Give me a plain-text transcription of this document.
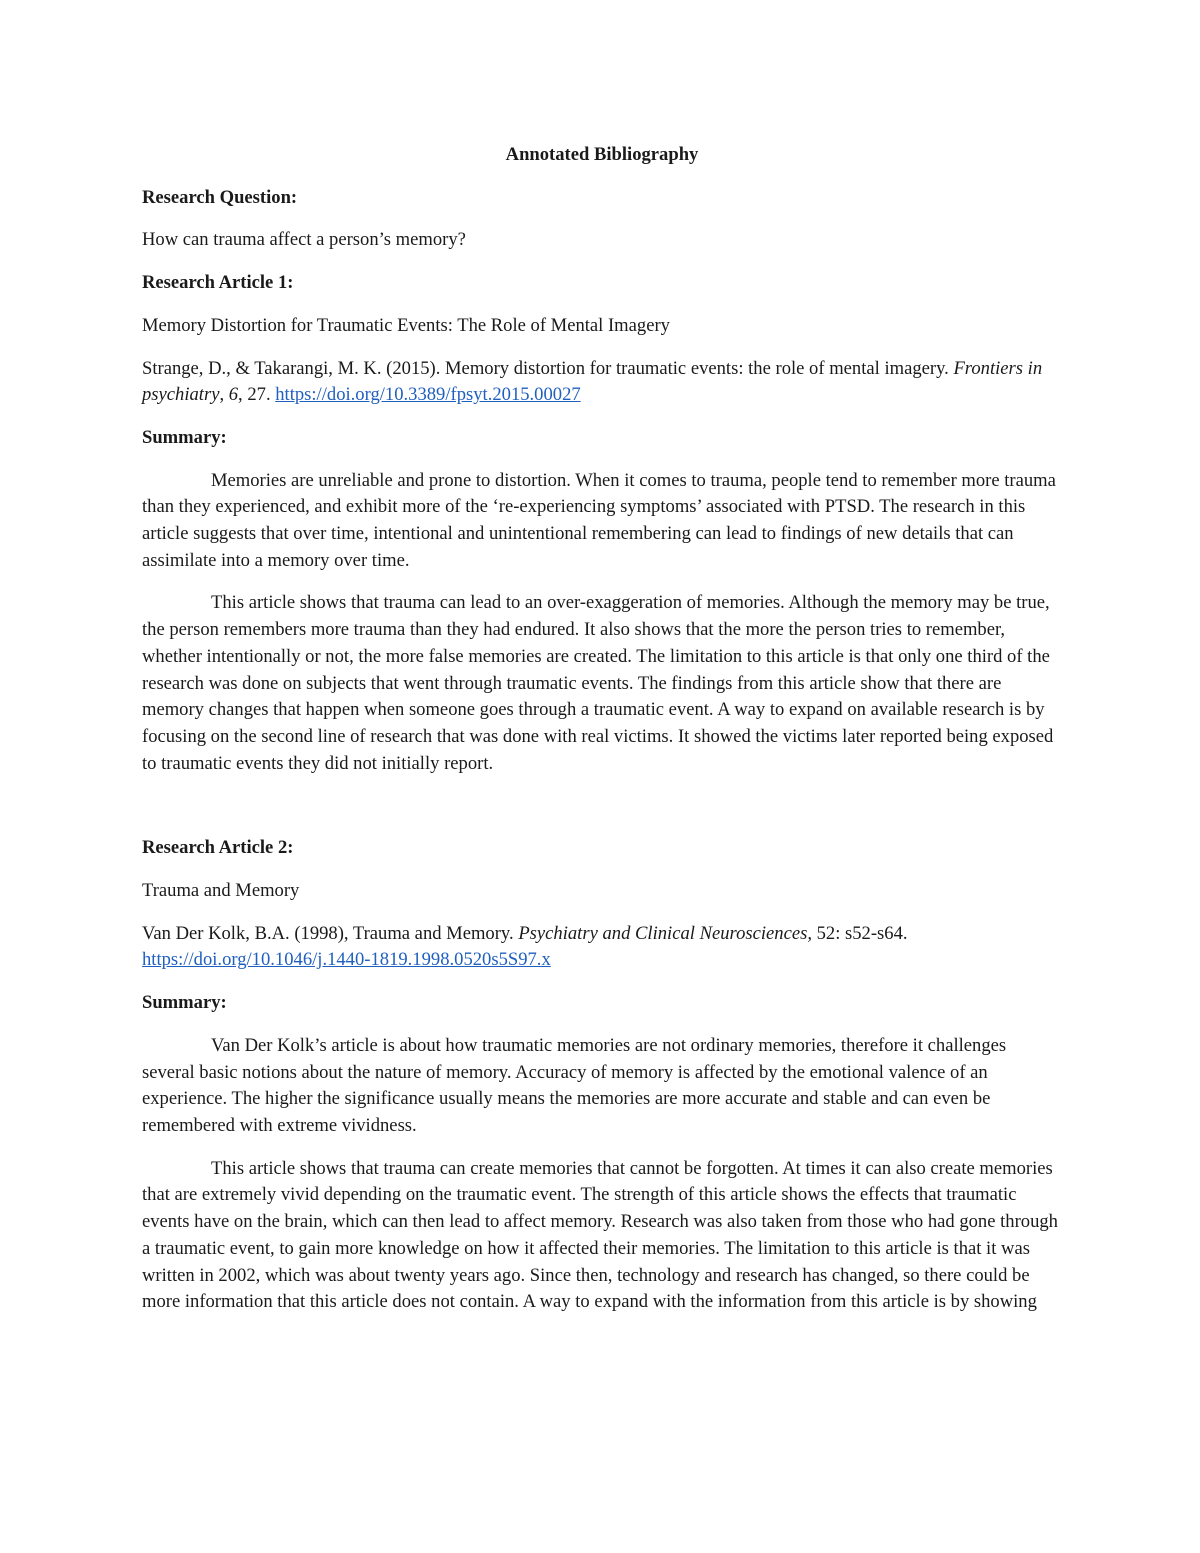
Annotated Bibliography
Research Question:
How can trauma affect a person’s memory?
Research Article 1:
Memory Distortion for Traumatic Events: The Role of Mental Imagery
Strange, D., & Takarangi, M. K. (2015). Memory distortion for traumatic events: the role of mental imagery. Frontiers in psychiatry, 6, 27. https://doi.org/10.3389/fpsyt.2015.00027
Summary:
Memories are unreliable and prone to distortion. When it comes to trauma, people tend to remember more trauma than they experienced, and exhibit more of the ‘re-experiencing symptoms’ associated with PTSD. The research in this article suggests that over time, intentional and unintentional remembering can lead to findings of new details that can assimilate into a memory over time.
This article shows that trauma can lead to an over-exaggeration of memories. Although the memory may be true, the person remembers more trauma than they had endured. It also shows that the more the person tries to remember, whether intentionally or not, the more false memories are created. The limitation to this article is that only one third of the research was done on subjects that went through traumatic events. The findings from this article show that there are memory changes that happen when someone goes through a traumatic event. A way to expand on available research is by focusing on the second line of research that was done with real victims. It showed the victims later reported being exposed to traumatic events they did not initially report.
Research Article 2:
Trauma and Memory
Van Der Kolk, B.A. (1998), Trauma and Memory. Psychiatry and Clinical Neurosciences, 52: s52-s64.
https://doi.org/10.1046/j.1440-1819.1998.0520s5S97.x
Summary:
Van Der Kolk’s article is about how traumatic memories are not ordinary memories, therefore it challenges several basic notions about the nature of memory. Accuracy of memory is affected by the emotional valence of an experience. The higher the significance usually means the memories are more accurate and stable and can even be remembered with extreme vividness.
This article shows that trauma can create memories that cannot be forgotten. At times it can also create memories that are extremely vivid depending on the traumatic event. The strength of this article shows the effects that traumatic events have on the brain, which can then lead to affect memory. Research was also taken from those who had gone through a traumatic event, to gain more knowledge on how it affected their memories. The limitation to this article is that it was written in 2002, which was about twenty years ago. Since then, technology and research has changed, so there could be more information that this article does not contain. A way to expand with the information from this article is by showing
